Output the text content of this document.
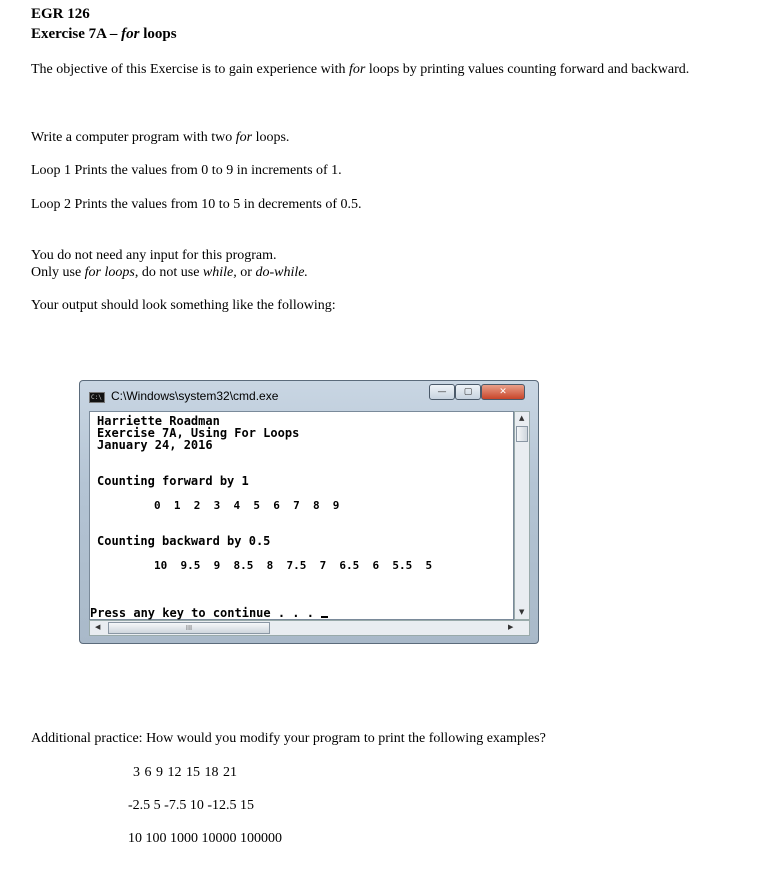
EGR 126
Exercise 7A – for loops
The objective of this Exercise is to gain experience with for loops by printing values counting forward and backward.
Write a computer program with two for loops.
Loop 1 Prints the values from 0 to 9 in increments of 1.
Loop 2 Prints the values from 10 to 5 in decrements of 0.5.
You do not need any input for this program.
Only use for loops, do not use while, or do-while.
Your output should look something like the following:
C:\ C:\Windows\system32\cmd.exe	—	▢	✕
Harriette Roadman
Exercise 7A, Using For Loops
January 24, 2016
Counting forward by 1
0  1  2  3  4  5  6  7  8  9
Counting backward by 0.5
10  9.5  9  8.5  8  7.5  7  6.5  6  5.5  5
Press any key to continue . . .
▲
▼
◀	III	▶
Additional practice: How would you modify your program to print the following examples?
3 6 9 12 15 18 21
-2.5 5 -7.5 10 -12.5 15
10 100 1000 10000 100000
